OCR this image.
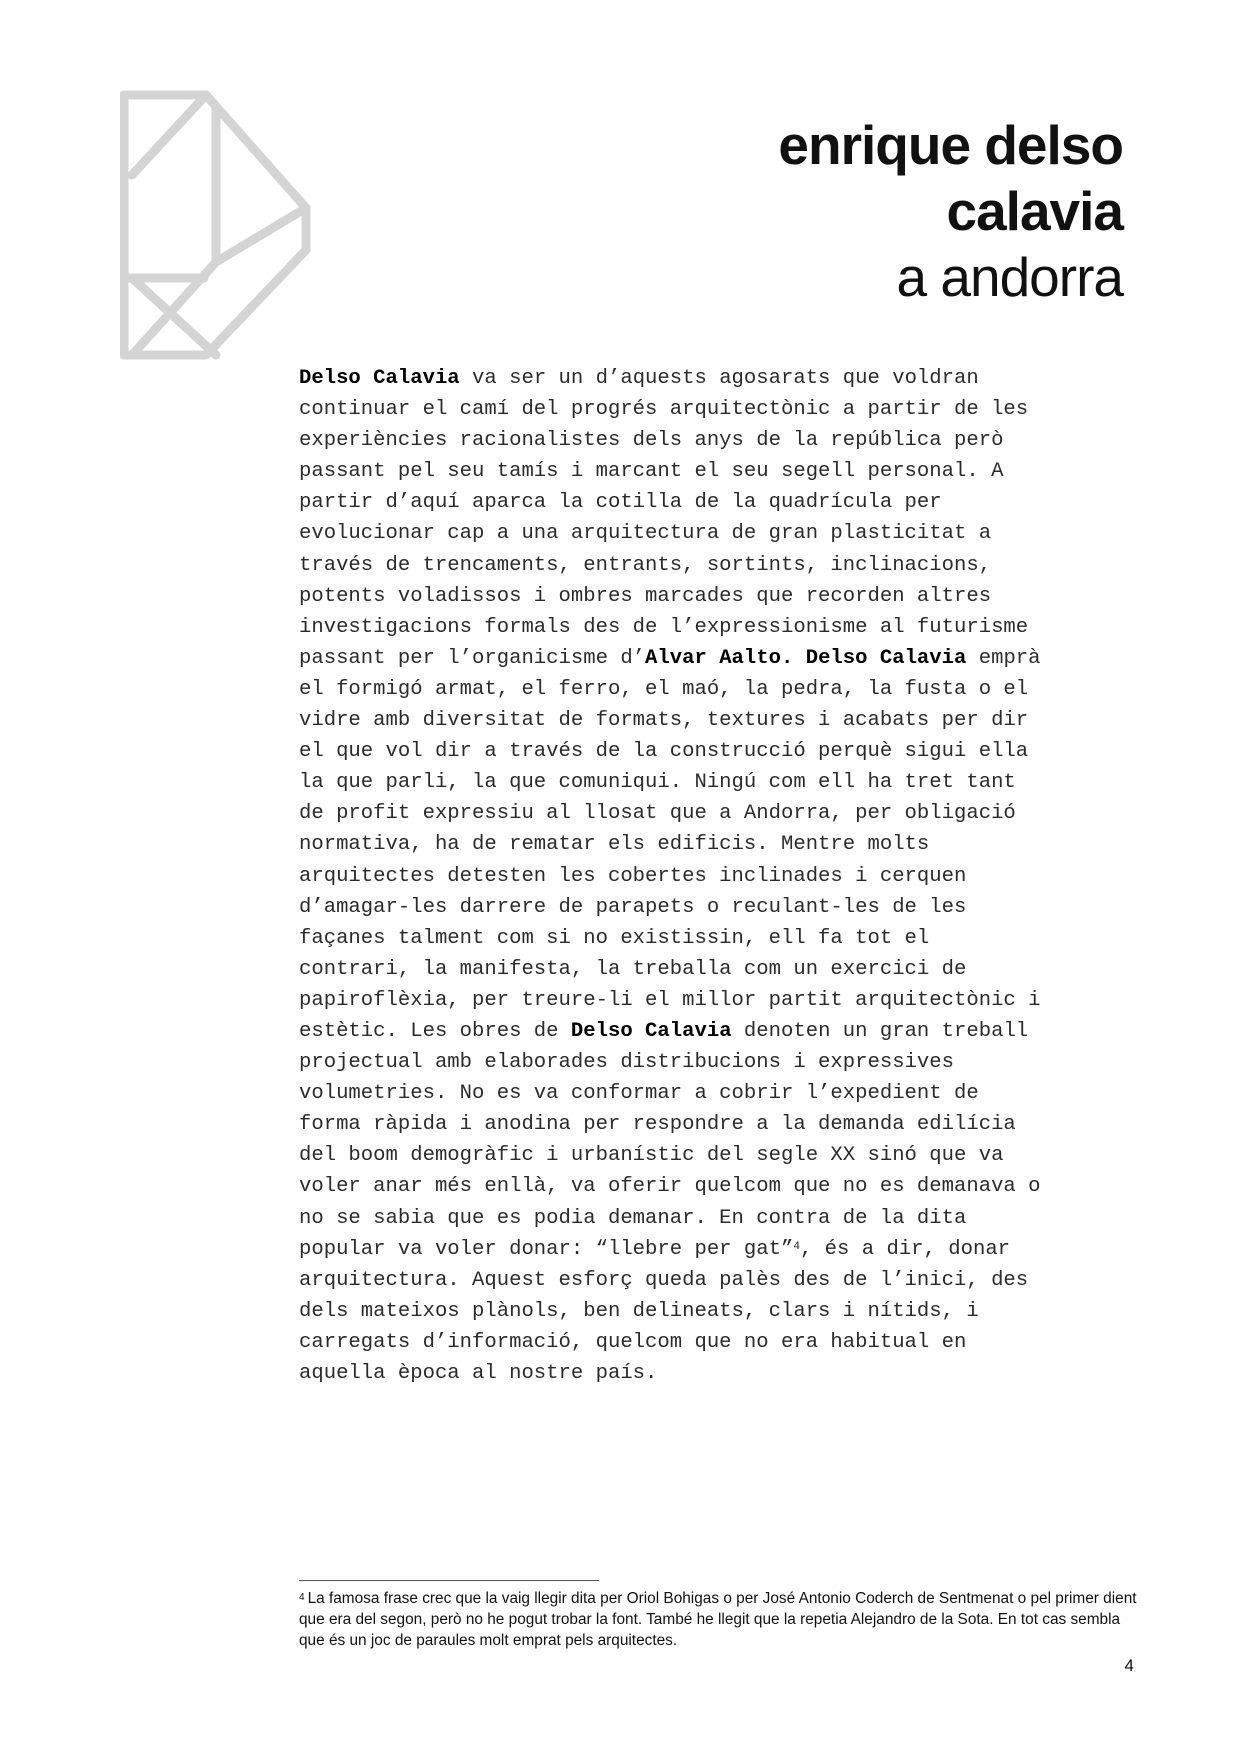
enrique delso
calavia
a andorra
Delso Calavia va ser un d’aquests agosarats que voldran
continuar el camí del progrés arquitectònic a partir de les
experiències racionalistes dels anys de la república però
passant pel seu tamís i marcant el seu segell personal. A
partir d’aquí aparca la cotilla de la quadrícula per
evolucionar cap a una arquitectura de gran plasticitat a
través de trencaments, entrants, sortints, inclinacions,
potents voladissos i ombres marcades que recorden altres
investigacions formals des de l’expressionisme al futurisme
passant per l’organicisme d’Alvar Aalto. Delso Calavia emprà
el formigó armat, el ferro, el maó, la pedra, la fusta o el
vidre amb diversitat de formats, textures i acabats per dir
el que vol dir a través de la construcció perquè sigui ella
la que parli, la que comuniqui. Ningú com ell ha tret tant
de profit expressiu al llosat que a Andorra, per obligació
normativa, ha de rematar els edificis. Mentre molts
arquitectes detesten les cobertes inclinades i cerquen
d’amagar-les darrere de parapets o reculant-les de les
façanes talment com si no existissin, ell fa tot el
contrari, la manifesta, la treballa com un exercici de
papiroflèxia, per treure-li el millor partit arquitectònic i
estètic. Les obres de Delso Calavia denoten un gran treball
projectual amb elaborades distribucions i expressives
volumetries. No es va conformar a cobrir l’expedient de
forma ràpida i anodina per respondre a la demanda edilícia
del boom demogràfic i urbanístic del segle XX sinó que va
voler anar més enllà, va oferir quelcom que no es demanava o
no se sabia que es podia demanar. En contra de la dita
popular va voler donar: “llebre per gat”$^4$, és a dir, donar
arquitectura. Aquest esforç queda palès des de l’inici, des
dels mateixos plànols, ben delineats, clars i nítids, i
carregats d’informació, quelcom que no era habitual en
aquella època al nostre país.
$^4$ La famosa frase crec que la vaig llegir dita per Oriol Bohigas o per José Antonio Coderch de Sentmenat o pel primer dient que era del segon, però no he pogut trobar la font. També he llegit que la repetia Alejandro de la Sota. En tot cas sembla que és un joc de paraules molt emprat pels arquitectes.
4
